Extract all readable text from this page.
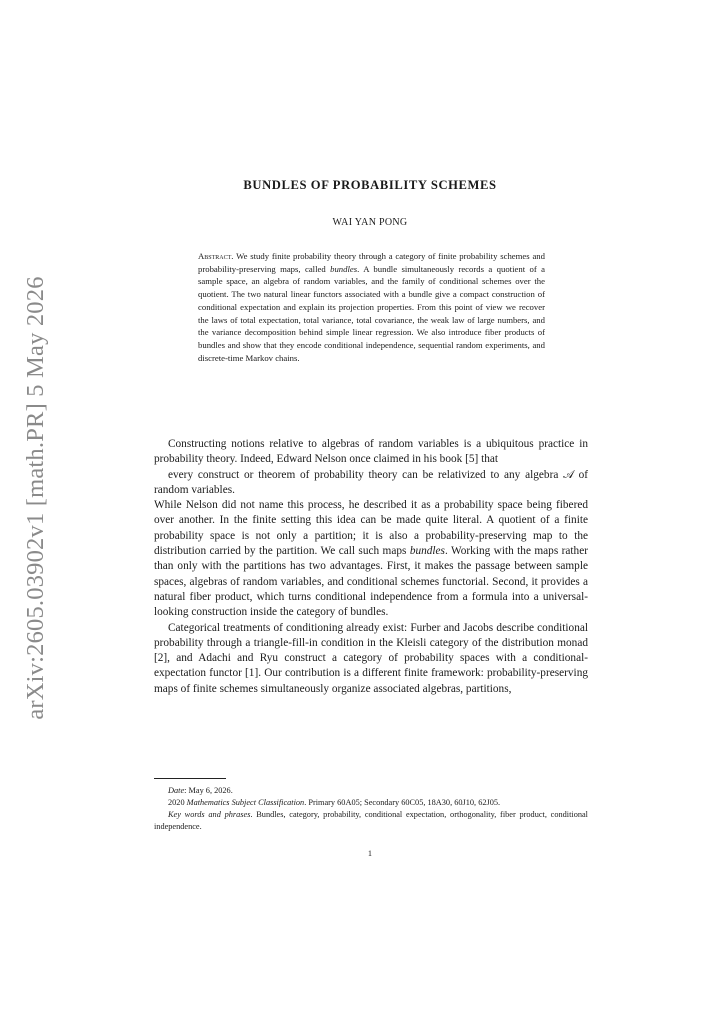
arXiv:2605.03902v1 [math.PR] 5 May 2026
BUNDLES OF PROBABILITY SCHEMES
WAI YAN PONG
Abstract. We study finite probability theory through a category of finite probability schemes and probability-preserving maps, called bundles. A bundle simultaneously records a quotient of a sample space, an algebra of random variables, and the family of conditional schemes over the quotient. The two natural linear functors associated with a bundle give a compact construction of conditional expectation and explain its projection properties. From this point of view we recover the laws of total expectation, total variance, total covariance, the weak law of large numbers, and the variance decomposition behind simple linear regression. We also introduce fiber products of bundles and show that they encode conditional independence, sequential random experiments, and discrete-time Markov chains.

Constructing notions relative to algebras of random variables is a ubiquitous practice in probability theory. Indeed, Edward Nelson once claimed in his book [5] that

every construct or theorem of probability theory can be relativized to any algebra 𝒜 of random variables.

While Nelson did not name this process, he described it as a probability space being fibered over another. In the finite setting this idea can be made quite literal. A quotient of a finite probability space is not only a partition; it is also a probability-preserving map to the distribution carried by the partition. We call such maps bundles. Working with the maps rather than only with the partitions has two advantages. First, it makes the passage between sample spaces, algebras of random variables, and conditional schemes functorial. Second, it provides a natural fiber product, which turns conditional independence from a formula into a universal-looking construction inside the category of bundles.

Categorical treatments of conditioning already exist: Furber and Jacobs describe conditional probability through a triangle-fill-in condition in the Kleisli category of the distribution monad [2], and Adachi and Ryu construct a category of probability spaces with a conditional-expectation functor [1]. Our contribution is a different finite framework: probability-preserving maps of finite schemes simultaneously organize associated algebras, partitions,

Date: May 6, 2026.

2020 Mathematics Subject Classification. Primary 60A05; Secondary 60C05, 18A30, 60J10, 62J05.

Key words and phrases. Bundles, category, probability, conditional expectation, orthogonality, fiber product, conditional independence.

1
